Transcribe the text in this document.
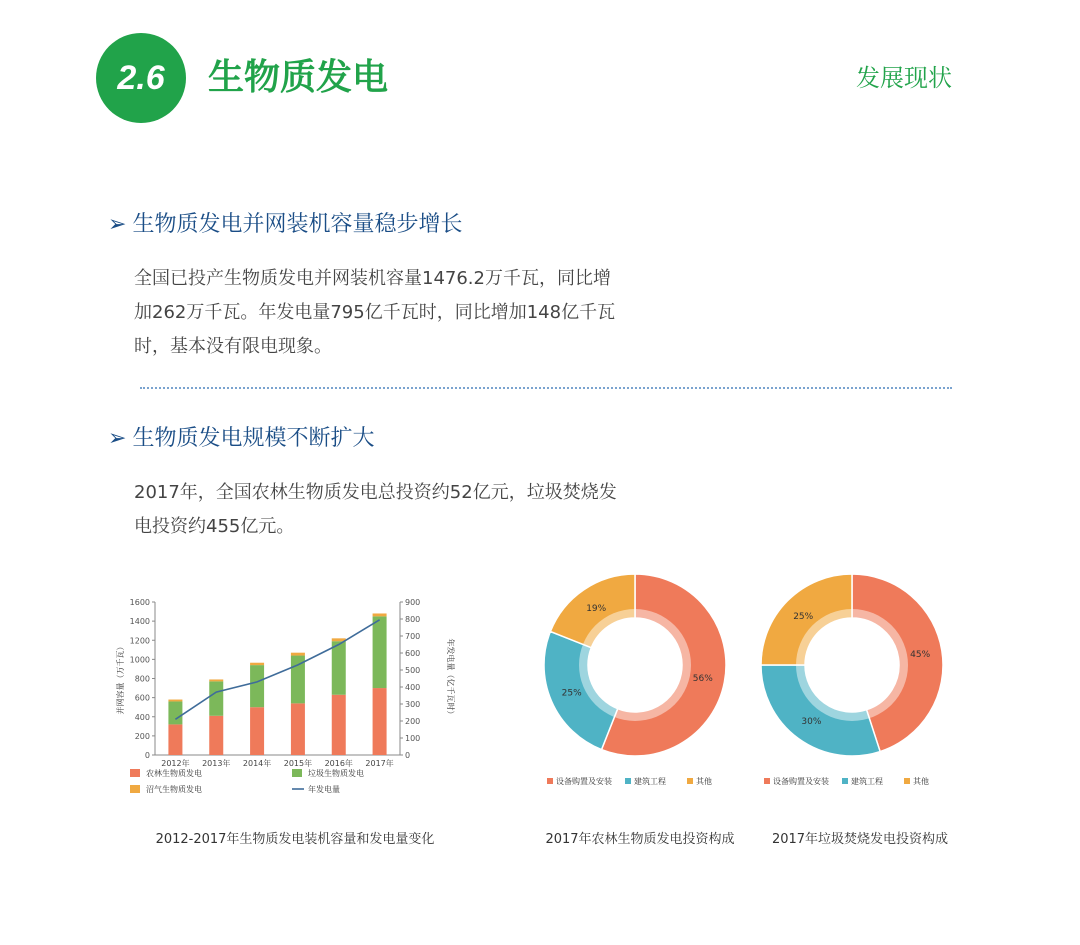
2.6	生物质发电	发展现状
➢ 生物质发电并网装机容量稳步增长
全国已投产生物质发电并网装机容量1476.2万千瓦，同比增
加262万千瓦。年发电量795亿千瓦时，同比增加148亿千瓦
时，基本没有限电现象。
➢ 生物质发电规模不断扩大
2017年，全国农林生物质发电总投资约52亿元，垃圾焚烧发
电投资约455亿元。
0
200
400
600
800
1000
1200
1400
1600
0
100
200
300
400
500
600
700
800
900
并网容量（万千瓦）	年发电量（亿千瓦时）
2012年 2013年 2014年 2015年 2016年 2017年
农林生物质发电	垃圾生物质发电
沼气生物质发电	年发电量
2012-2017年生物质发电装机容量和发电量变化
56%
25%
19%
设备购置及安装	建筑工程	其他
2017年农林生物质发电投资构成
45%
30%
25%
设备购置及安装	建筑工程	其他
2017年垃圾焚烧发电投资构成
